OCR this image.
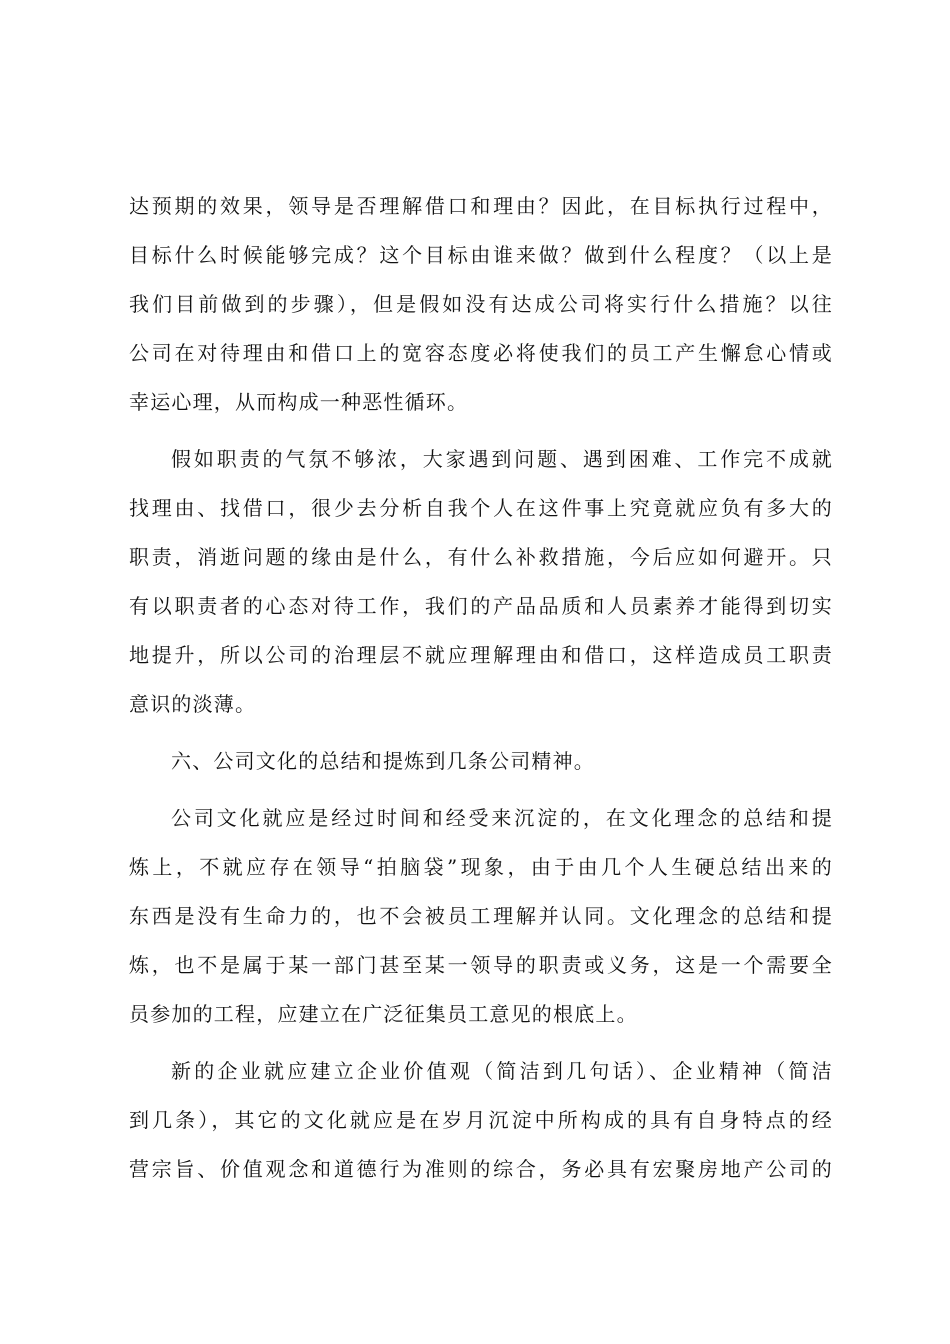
达预期的效果，领导是否理解借口和理由？因此，在目标执行过程中，
目标什么时候能够完成？这个目标由谁来做？做到什么程度？（以上是
我们目前做到的步骤），但是假如没有达成公司将实行什么措施？以往
公司在对待理由和借口上的宽容态度必将使我们的员工产生懈怠心情或
幸运心理，从而构成一种恶性循环。
假如职责的气氛不够浓，大家遇到问题、遇到困难、工作完不成就
找理由、找借口，很少去分析自我个人在这件事上究竟就应负有多大的
职责，消逝问题的缘由是什么，有什么补救措施，今后应如何避开。只
有以职责者的心态对待工作，我们的产品品质和人员素养才能得到切实
地提升，所以公司的治理层不就应理解理由和借口，这样造成员工职责
意识的淡薄。
六、公司文化的总结和提炼到几条公司精神。
公司文化就应是经过时间和经受来沉淀的，在文化理念的总结和提
炼上，不就应存在领导“拍脑袋”现象，由于由几个人生硬总结出来的
东西是没有生命力的，也不会被员工理解并认同。文化理念的总结和提
炼，也不是属于某一部门甚至某一领导的职责或义务，这是一个需要全
员参加的工程，应建立在广泛征集员工意见的根底上。
新的企业就应建立企业价值观（简洁到几句话）、企业精神（简洁
到几条），其它的文化就应是在岁月沉淀中所构成的具有自身特点的经
营宗旨、价值观念和道德行为准则的综合，务必具有宏聚房地产公司的
